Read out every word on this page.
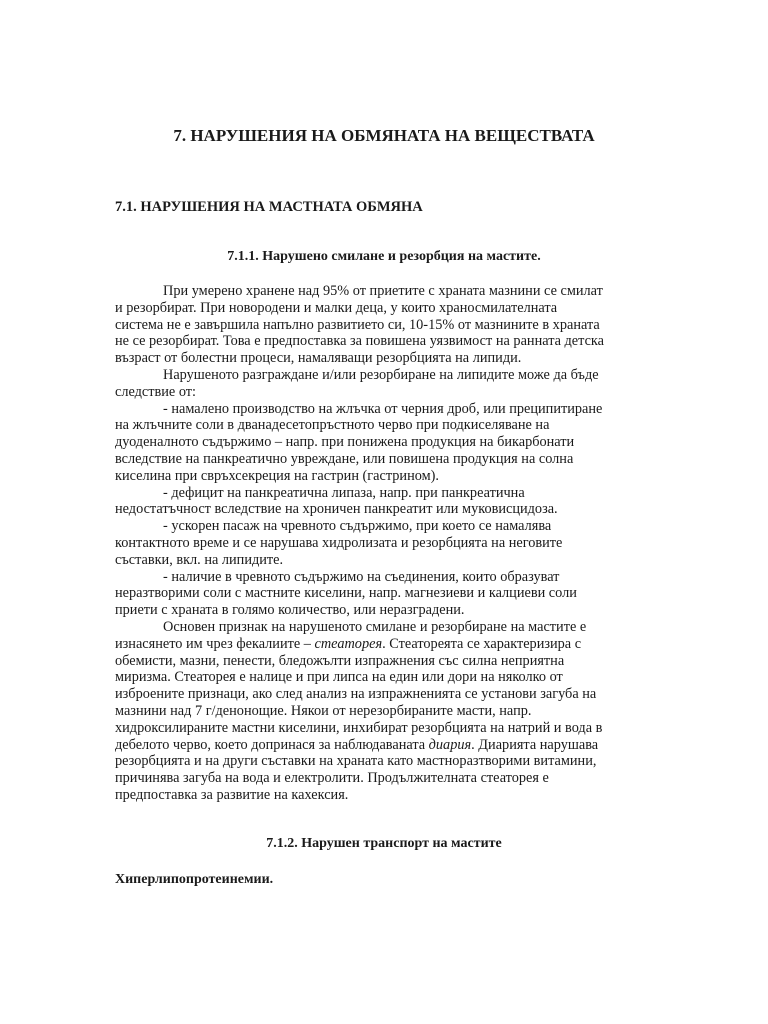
7. НАРУШЕНИЯ НА ОБМЯНАТА НА ВЕЩЕСТВАТА
7.1. НАРУШЕНИЯ НА МАСТНАТА ОБМЯНА
7.1.1. Нарушено смилане и резорбция на мастите.
При умерено хранене над 95% от приетите с храната мазнини се смилат
и резорбират. При новородени и малки деца, у които храносмилателната
система не е завършила напълно развитието си, 10-15% от мазнините в храната
не се резорбират. Това е предпоставка за повишена уязвимост на ранната детска
възраст от болестни процеси, намаляващи резорбцията на липиди.
Нарушеното разграждане и/или резорбиране на липидите може да бъде
следствие от:
- намалено производство на жлъчка от черния дроб, или преципитиране
на жлъчните соли в дванадесетопръстното черво при подкиселяване на
дуоденалното съдържимо – напр. при понижена продукция на бикарбонати
вследствие на панкреатично увреждане, или повишена продукция на солна
киселина при свръхсекреция на гастрин (гастрином).
- дефицит на панкреатична липаза, напр. при панкреатична
недостатъчност вследствие на хроничен панкреатит или муковисцидоза.
- ускорен пасаж на чревното съдържимо, при което се намалява
контактното време и се нарушава хидролизата и резорбцията на неговите
съставки, вкл. на липидите.
- наличие в чревното съдържимо на съединения, които образуват
неразтворими соли с мастните киселини, напр. магнезиеви и калциеви соли
приети с храната в голямо количество, или неразградени.
Основен признак на нарушеното смилане и резорбиране на мастите е
изнасянето им чрез фекалиите – стеаторея. Стеатореята се характеризира с
обемисти, мазни, пенести, бледожълти изпражнения със силна неприятна
миризма. Стеаторея е налице и при липса на един или дори на няколко от
изброените признаци, ако след анализ на изпражненията се установи загуба на
мазнини над 7 г/денонощие. Някои от нерезорбираните масти, напр.
хидроксилираните мастни киселини, инхибират резорбцията на натрий и вода в
дебелото черво, което допринася за наблюдаваната диария. Диарията нарушава
резорбцията и на други съставки на храната като мастноразтворими витамини,
причинява загуба на вода и електролити. Продължителната стеаторея е
предпоставка за развитие на кахексия.
7.1.2. Нарушен транспорт на мастите
Хиперлипопротеинемии.
